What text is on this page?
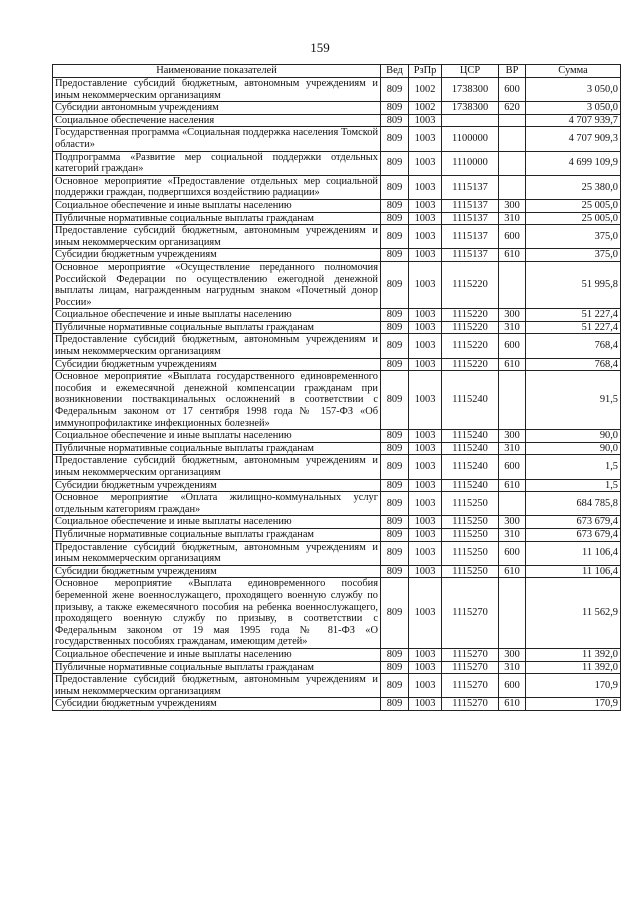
159
Наименование показателей	Вед	РзПр	ЦСР	ВР	Сумма
Предоставление субсидий бюджетным, автономным учреждениям и иным некоммерческим организациям	809	1002	1738300	600	3 050,0
Субсидии автономным учреждениям	809	1002	1738300	620	3 050,0
Социальное обеспечение населения	809	1003			4 707 939,7
Государственная программа «Социальная поддержка населения Томской области»	809	1003	1100000		4 707 909,3
Подпрограмма «Развитие мер социальной поддержки отдельных категорий граждан»	809	1003	1110000		4 699 109,9
Основное мероприятие «Предоставление отдельных мер социальной поддержки граждан, подвергшихся воздействию радиации»	809	1003	1115137		25 380,0
Социальное обеспечение и иные выплаты населению	809	1003	1115137	300	25 005,0
Публичные нормативные социальные выплаты гражданам	809	1003	1115137	310	25 005,0
Предоставление субсидий бюджетным, автономным учреждениям и иным некоммерческим организациям	809	1003	1115137	600	375,0
Субсидии бюджетным учреждениям	809	1003	1115137	610	375,0
Основное мероприятие «Осуществление переданного полномочия Российской Федерации по осуществлению ежегодной денежной выплаты лицам, награжденным нагрудным знаком «Почетный донор России»	809	1003	1115220		51 995,8
Социальное обеспечение и иные выплаты населению	809	1003	1115220	300	51 227,4
Публичные нормативные социальные выплаты гражданам	809	1003	1115220	310	51 227,4
Предоставление субсидий бюджетным, автономным учреждениям и иным некоммерческим организациям	809	1003	1115220	600	768,4
Субсидии бюджетным учреждениям	809	1003	1115220	610	768,4
Основное мероприятие «Выплата государственного единовременного пособия и ежемесячной денежной компенсации гражданам при возникновении поствакцинальных осложнений в соответствии с Федеральным законом от 17 сентября 1998 года № 157-ФЗ «Об иммунопрофилактике инфекционных болезней»	809	1003	1115240		91,5
Социальное обеспечение и иные выплаты населению	809	1003	1115240	300	90,0
Публичные нормативные социальные выплаты гражданам	809	1003	1115240	310	90,0
Предоставление субсидий бюджетным, автономным учреждениям и иным некоммерческим организациям	809	1003	1115240	600	1,5
Субсидии бюджетным учреждениям	809	1003	1115240	610	1,5
Основное мероприятие «Оплата жилищно-коммунальных услуг отдельным категориям граждан»	809	1003	1115250		684 785,8
Социальное обеспечение и иные выплаты населению	809	1003	1115250	300	673 679,4
Публичные нормативные социальные выплаты гражданам	809	1003	1115250	310	673 679,4
Предоставление субсидий бюджетным, автономным учреждениям и иным некоммерческим организациям	809	1003	1115250	600	11 106,4
Субсидии бюджетным учреждениям	809	1003	1115250	610	11 106,4
Основное мероприятие «Выплата единовременного пособия беременной жене военнослужащего, проходящего военную службу по призыву, а также ежемесячного пособия на ребенка военнослужащего, проходящего военную службу по призыву, в соответствии с Федеральным законом от 19 мая 1995 года № 81-ФЗ «О государственных пособиях гражданам, имеющим детей»	809	1003	1115270		11 562,9
Социальное обеспечение и иные выплаты населению	809	1003	1115270	300	11 392,0
Публичные нормативные социальные выплаты гражданам	809	1003	1115270	310	11 392,0
Предоставление субсидий бюджетным, автономным учреждениям и иным некоммерческим организациям	809	1003	1115270	600	170,9
Субсидии бюджетным учреждениям	809	1003	1115270	610	170,9
